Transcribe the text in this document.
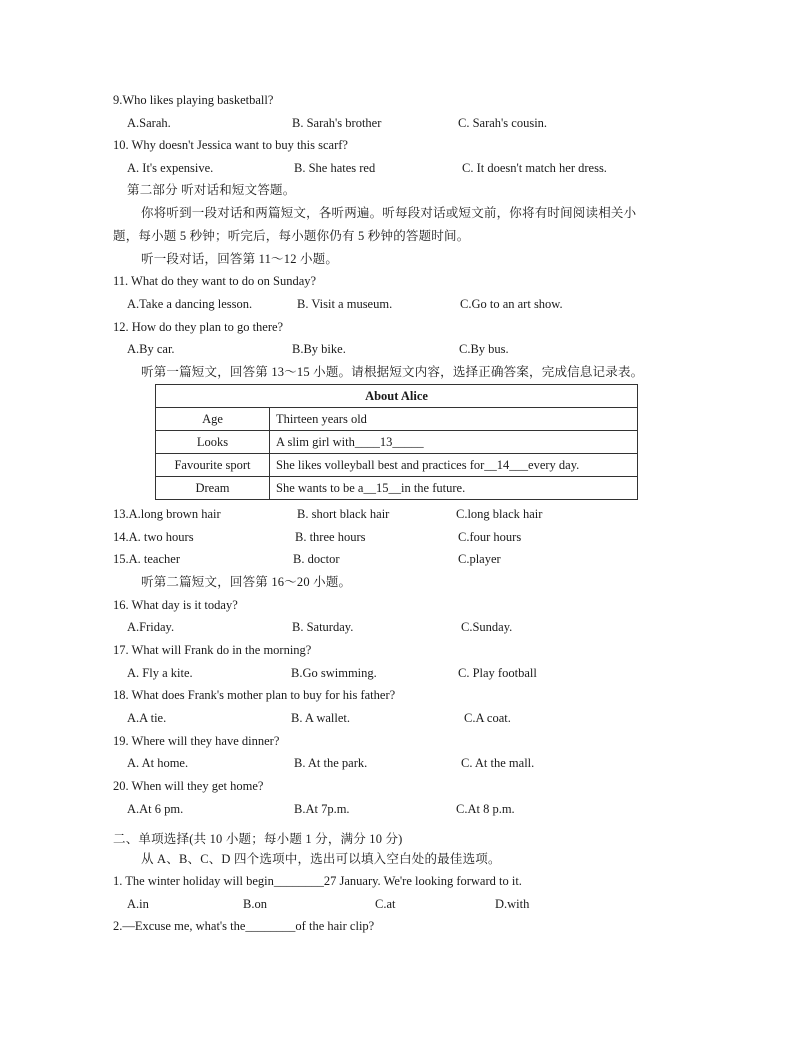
9.Who likes playing basketball?
A.Sarah.	B. Sarah's brother	C. Sarah's cousin.
10. Why doesn't Jessica want to buy this scarf?
A. It's expensive.	B. She hates red	C. It doesn't match her dress.
第二部分 听对话和短文答题。
你将听到一段对话和两篇短文，各听两遍。听每段对话或短文前，你将有时间阅读相关小
题，每小题 5 秒钟；听完后，每小题你仍有 5 秒钟的答题时间。
听一段对话，回答第 11～12 小题。
11. What do they want to do on Sunday?
A.Take a dancing lesson.	B. Visit a museum.	C.Go to an art show.
12. How do they plan to go there?
A.By car.	B.By bike.	C.By bus.
听第一篇短文，回答第 13～15 小题。请根据短文内容，选择正确答案，完成信息记录表。
About Alice	
Age	Thirteen years old
Looks	A slim girl with____13_____
Favourite sport	She likes volleyball best and practices for__14___every day.
Dream	She wants to be a__15__in the future.
13.A.long brown hair	B. short black hair	C.long black hair
14.A. two hours	B. three hours	C.four hours
15.A. teacher	B. doctor	C.player
听第二篇短文，回答第 16～20 小题。
16. What day is it today?
A.Friday.	B. Saturday.	C.Sunday.
17. What will Frank do in the morning?
A. Fly a kite.	B.Go swimming.	C. Play football
18. What does Frank's mother plan to buy for his father?
A.A tie.	B. A wallet.	C.A coat.
19. Where will they have dinner?
A. At home.	B. At the park.	C. At the mall.
20. When will they get home?
A.At 6 pm.	B.At 7p.m.	C.At 8 p.m.
二、单项选择(共 10 小题；每小题 1 分，满分 10 分)
从 A、B、C、D 四个选项中，选出可以填入空白处的最佳选项。
1. The winter holiday will begin________27 January. We're looking forward to it.
A.in	B.on	C.at	D.with
2.—Excuse me, what's the________of the hair clip?
